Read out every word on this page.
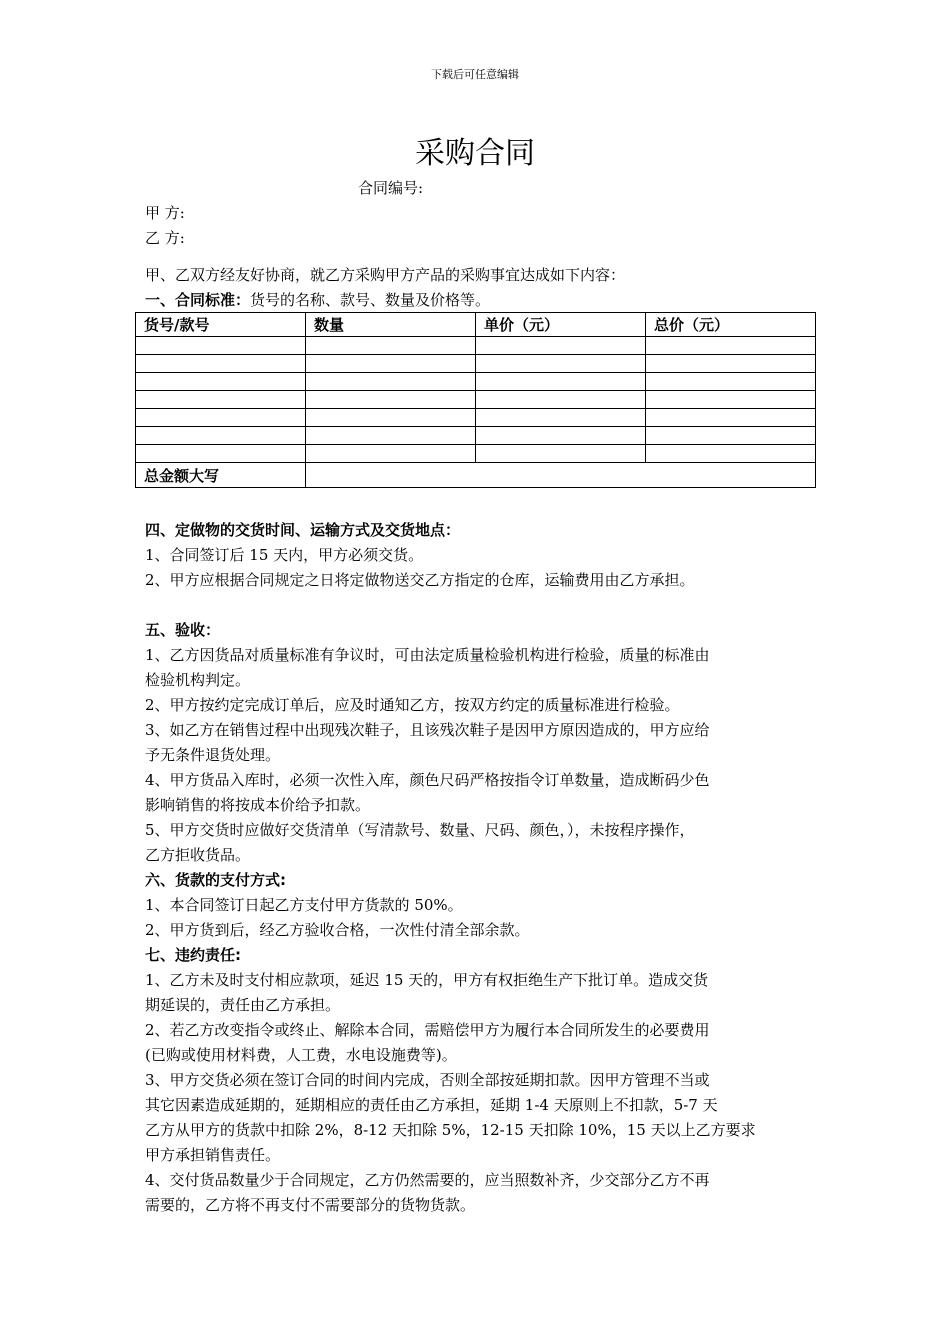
下载后可任意编辑
采购合同
合同编号:
甲 方:
乙 方:
甲、乙双方经友好协商，就乙方采购甲方产品的采购事宜达成如下内容：
一、合同标准：货号的名称、款号、数量及价格等。
货号/款号	数量	单价（元）	总价（元）

总金额大写			
四、定做物的交货时间、运输方式及交货地点：
1、合同签订后 15 天内，甲方必须交货。
2、甲方应根据合同规定之日将定做物送交乙方指定的仓库，运输费用由乙方承担。
五、验收：
1、乙方因货品对质量标准有争议时，可由法定质量检验机构进行检验，质量的标准由
检验机构判定。
2、甲方按约定完成订单后，应及时通知乙方，按双方约定的质量标准进行检验。
3、如乙方在销售过程中出现残次鞋子，且该残次鞋子是因甲方原因造成的，甲方应给
予无条件退货处理。
4、甲方货品入库时，必须一次性入库，颜色尺码严格按指令订单数量，造成断码少色
影响销售的将按成本价给予扣款。
5、甲方交货时应做好交货清单（写清款号、数量、尺码、颜色，），未按程序操作，
乙方拒收货品。
六、货款的支付方式:
1、本合同签订日起乙方支付甲方货款的 50%。
2、甲方货到后，经乙方验收合格，一次性付清全部余款。
七、违约责任:
1、乙方未及时支付相应款项，延迟 15 天的，甲方有权拒绝生产下批订单。造成交货
期延误的，责任由乙方承担。
2、若乙方改变指令或终止、解除本合同，需赔偿甲方为履行本合同所发生的必要费用
(已购或使用材料费，人工费，水电设施费等)。
3、甲方交货必须在签订合同的时间内完成，否则全部按延期扣款。因甲方管理不当或
其它因素造成延期的，延期相应的责任由乙方承担，延期 1-4 天原则上不扣款，5-7 天
乙方从甲方的货款中扣除 2%，8-12 天扣除 5%，12-15 天扣除 10%，15 天以上乙方要求
甲方承担销售责任。
4、交付货品数量少于合同规定，乙方仍然需要的，应当照数补齐，少交部分乙方不再
需要的，乙方将不再支付不需要部分的货物货款。
